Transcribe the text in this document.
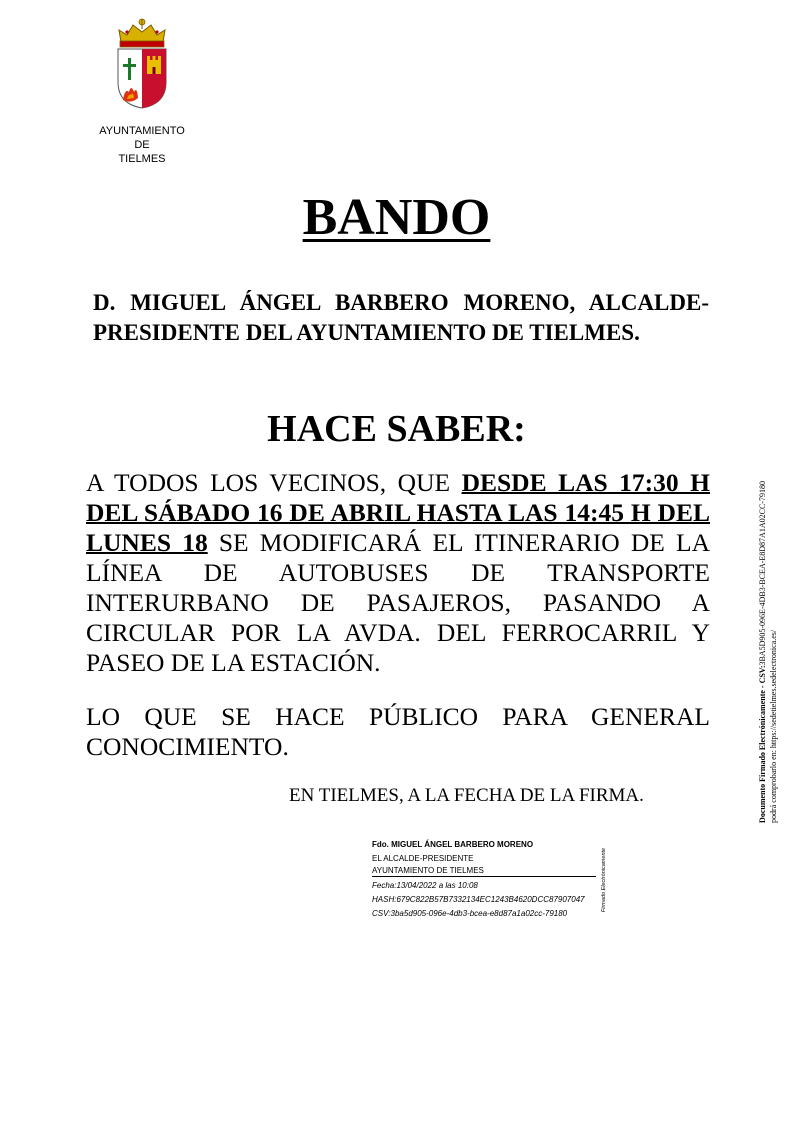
AYUNTAMIENTO
DE
TIELMES
BANDO
D. MIGUEL ÁNGEL BARBERO MORENO, ALCALDE-PRESIDENTE DEL AYUNTAMIENTO DE TIELMES.
HACE SABER:
A TODOS LOS VECINOS, QUE DESDE LAS 17:30 H DEL SÁBADO 16 DE ABRIL HASTA LAS 14:45 H DEL LUNES 18 SE MODIFICARÁ EL ITINERARIO DE LA LÍNEA DE AUTOBUSES DE TRANSPORTE INTERURBANO DE PASAJEROS, PASANDO A CIRCULAR POR LA AVDA. DEL FERROCARRIL Y PASEO DE LA ESTACIÓN.
LO QUE SE HACE PÚBLICO PARA GENERAL CONOCIMIENTO.
EN TIELMES, A LA FECHA DE LA FIRMA.
Fdo. MIGUEL ÁNGEL BARBERO MORENO
EL ALCALDE-PRESIDENTE
AYUNTAMIENTO DE TIELMES
Fecha:13/04/2022 a las 10:08
HASH:679C822B57B7332134EC1243B4620DCC87907047
CSV:3ba5d905-096e-4db3-bcea-e8d87a1a02cc-79180
Firmado Electrónicamente
Documento Firmado Electrónicamente - CSV:3BA5D905-096E-4DB3-BCEA-E8D87A1A02CC-79180
podrá comprobarlo en: https://sedetielmes.sedelectronica.es/
